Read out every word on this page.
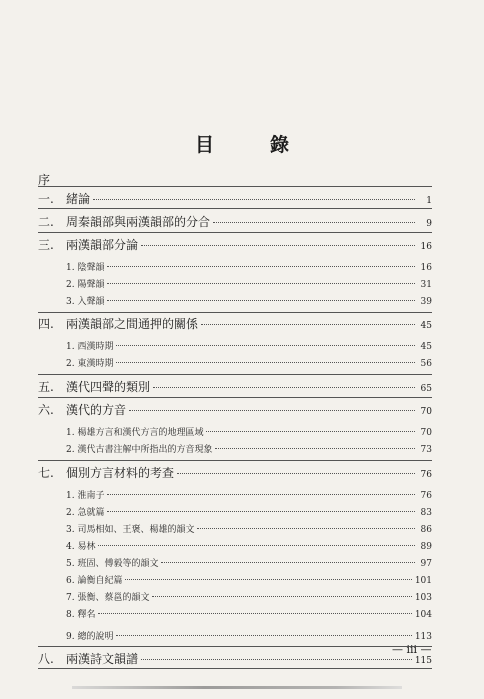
目	錄
序
一.	緒論	1
二.	周秦韻部與兩漢韻部的分合	9
三.	兩漢韻部分論	16
1. 陰聲韻	16
2. 陽聲韻	31
3. 入聲韻	39
四.	兩漢韻部之間通押的關係	45
1. 西漢時期	45
2. 東漢時期	56
五.	漢代四聲的類別	65
六.	漢代的方音	70
1. 楊雄方言和漢代方言的地理區域	70
2. 漢代古書注解中所指出的方音現象	73
七.	個別方言材料的考查	76
1. 淮南子	76
2. 急就篇	83
3. 司馬相如、王褒、楊雄的韻文	86
4. 易林	89
5. 班固、傅毅等的韻文	97
6. 論衡自紀篇	101
7. 張衡、蔡邕的韻文	103
8. 釋名	104
9. 總的說明	113
八.	兩漢詩文韻譜	115
— iii —
